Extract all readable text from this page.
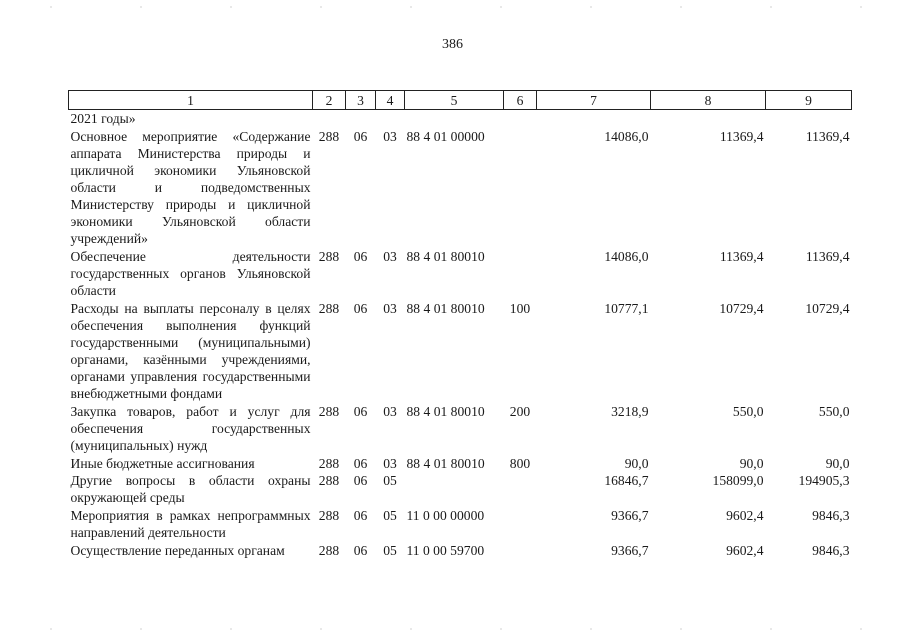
386
1	2	3	4	5	6	7	8	9
2021 годы»								
Основное мероприятие «Содержание аппарата Министерства природы и цикличной экономики Ульяновской области и подведомственных Министерству природы и цикличной экономики Ульяновской области учреждений»	288	06	03	88 4 01 00000		14086,0	11369,4	11369,4
Обеспечение деятельности государственных органов Ульяновской области	288	06	03	88 4 01 80010		14086,0	11369,4	11369,4
Расходы на выплаты персоналу в целях обеспечения выполнения функций государственными (муниципальными) органами, казёнными учреждениями, органами управления государственными внебюджетными фондами	288	06	03	88 4 01 80010	100	10777,1	10729,4	10729,4
Закупка товаров, работ и услуг для обеспечения государственных (муниципальных) нужд	288	06	03	88 4 01 80010	200	3218,9	550,0	550,0
Иные бюджетные ассигнования	288	06	03	88 4 01 80010	800	90,0	90,0	90,0
Другие вопросы в области охраны окружающей среды	288	06	05			16846,7	158099,0	194905,3
Мероприятия в рамках непрограммных направлений деятельности	288	06	05	11 0 00 00000		9366,7	9602,4	9846,3
Осуществление переданных органам	288	06	05	11 0 00 59700		9366,7	9602,4	9846,3
